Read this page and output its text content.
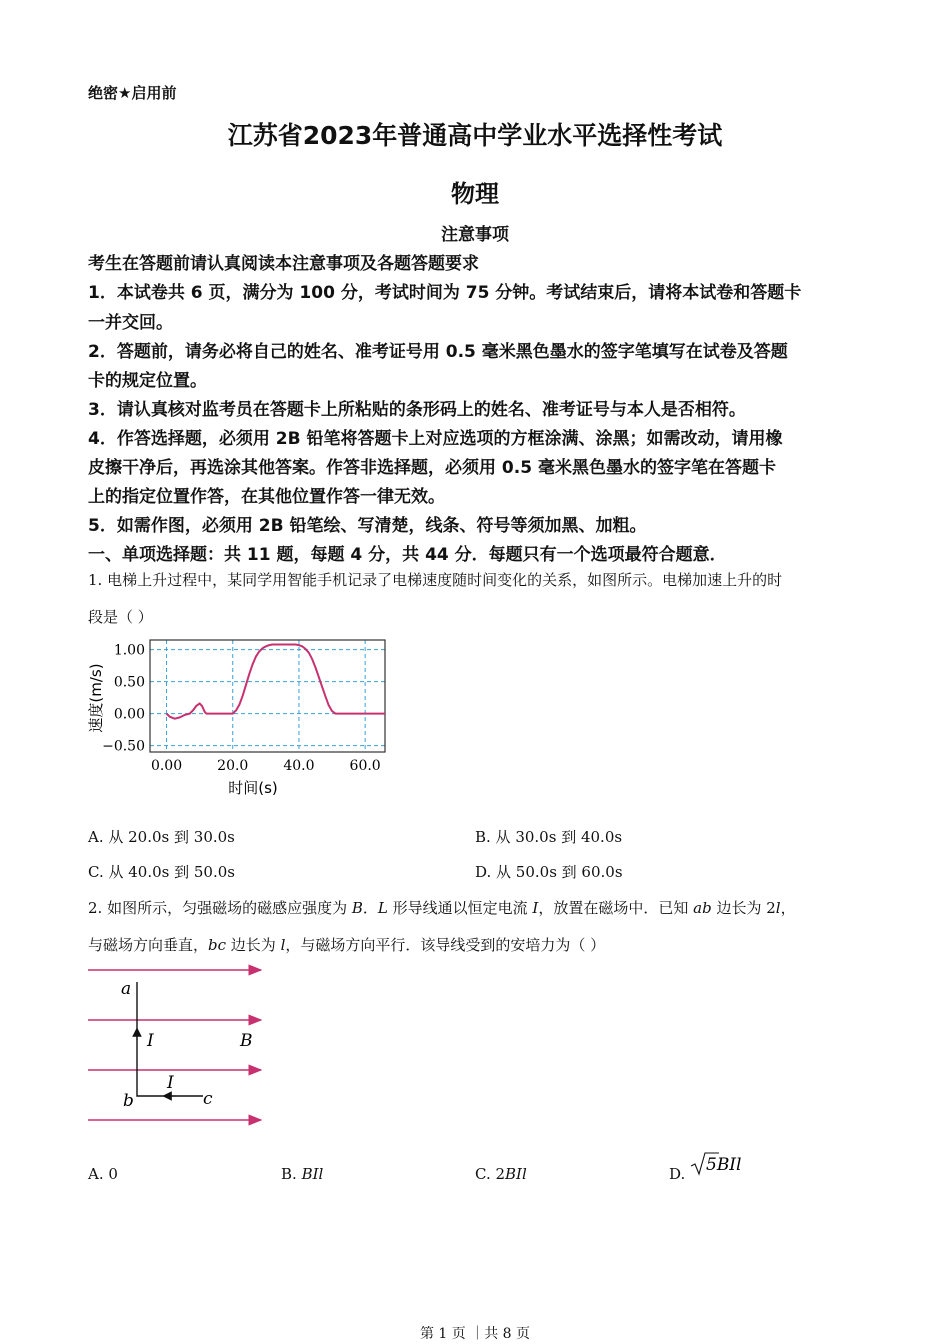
绝密★启用前
江苏省2023年普通高中学业水平选择性考试
物理
注意事项
考生在答题前请认真阅读本注意事项及各题答题要求
1．本试卷共 6 页，满分为 100 分，考试时间为 75 分钟。考试结束后，请将本试卷和答题卡
一并交回。
2．答题前，请务必将自己的姓名、准考证号用 0.5 毫米黑色墨水的签字笔填写在试卷及答题
卡的规定位置。
3．请认真核对监考员在答题卡上所粘贴的条形码上的姓名、准考证号与本人是否相符。
4．作答选择题，必须用 2B 铅笔将答题卡上对应选项的方框涂满、涂黑；如需改动，请用橡
皮擦干净后，再选涂其他答案。作答非选择题，必须用 0.5 毫米黑色墨水的签字笔在答题卡
上的指定位置作答，在其他位置作答一律无效。
5．如需作图，必须用 2B 铅笔绘、写清楚，线条、符号等须加黑、加粗。
一、单项选择题：共 11 题，每题 4 分，共 44 分．每题只有一个选项最符合题意．
1. 电梯上升过程中，某同学用智能手机记录了电梯速度随时间变化的关系，如图所示。电梯加速上升的时
段是（ ）
1.00
0.50
0.00
−0.50
0.00	20.0	40.0	60.0
时间(s)
速度(m/s)
A. 从 20.0s 到 30.0s	B. 从 30.0s 到 40.0s
C. 从 40.0s 到 50.0s	D. 从 50.0s 到 60.0s
2. 如图所示，匀强磁场的磁感应强度为 B．L 形导线通以恒定电流 I，放置在磁场中．已知 ab 边长为 2l，
与磁场方向垂直，bc 边长为 l，与磁场方向平行．该导线受到的安培力为（ ）
a
b	c
I
I
B
A. 0	B. BIl	C. 2BIl	D. 5BIl
第 1 页 ｜共 8 页
